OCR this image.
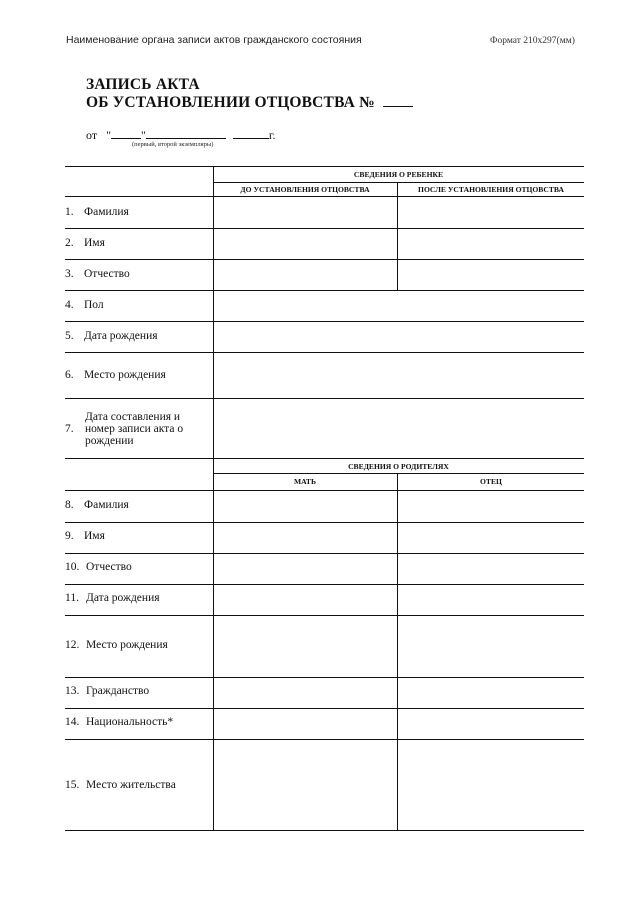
Наименование органа записи актов гражданского состояния	Формат 210х297(мм)
ЗАПИСЬ АКТА
ОБ УСТАНОВЛЕНИИ ОТЦОВСТВА №
от "	"	г.
(первый, второй экземпляры)
СВЕДЕНИЯ О РЕБЕНКЕ
ДО УСТАНОВЛЕНИЯ ОТЦОВСТВА	ПОСЛЕ УСТАНОВЛЕНИЯ ОТЦОВСТВА
1. Фамилия
2. Имя
3. Отчество
4. Пол
5. Дата рождения
6. Место рождения
7.
Дата составления и
номер записи акта о
рождении
СВЕДЕНИЯ О РОДИТЕЛЯХ
МАТЬ	ОТЕЦ
8. Фамилия
9. Имя
10. Отчество
11. Дата рождения
12. Место рождения
13. Гражданство
14. Национальность*
15. Место жительства
